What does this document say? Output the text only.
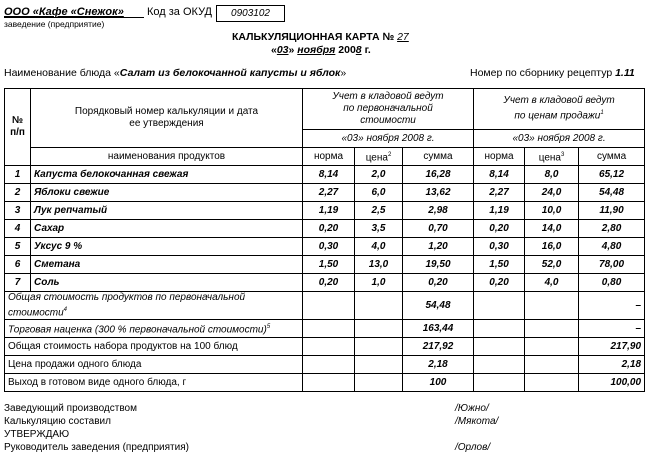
ООО «Кафе «Снежок»
заведение (предприятие)
Код за ОКУД	0903102
КАЛЬКУЛЯЦИОННАЯ КАРТА № 27
«03» ноября 2008 г.
Наименование блюда «Салат из белокочанной капусты и яблок»	Номер по сборнику рецептур 1.11
№
п/п	Порядковый номер калькуляции и дата ее утверждения	Учет в кладовой ведут по первоначальной стоимости			Учет в кладовой ведут по ценам продажи$^1$
		«03» ноября 2008 г.			«03» ноября 2008 г.		
	наименования продуктов	норма	цена$^2$	сумма	норма	цена$^3$	сумма
1	Капуста белокочанная свежая	8,14	2,0	16,28	8,14	8,0	65,12
2	Яблоки свежие	2,27	6,0	13,62	2,27	24,0	54,48
3	Лук репчатый	1,19	2,5	2,98	1,19	10,0	11,90
4	Сахар	0,20	3,5	0,70	0,20	14,0	2,80
5	Уксус 9 %	0,30	4,0	1,20	0,30	16,0	4,80
6	Сметана	1,50	13,0	19,50	1,50	52,0	78,00
7	Соль	0,20	1,0	0,20	0,20	4,0	0,80
Общая стоимость продуктов по первоначальной стоимости$^4$				54,48			–
Торговая наценка (300 % первоначальной стоимости)$^5$				163,44			–
Общая стоимость набора продуктов на 100 блюд				217,92			217,90
Цена продажи одного блюда				2,18			2,18
Выход в готовом виде одного блюда, г				100			100,00
Заведующий производством	/Южно/
Калькуляцию составил	/Мякота/
УТВЕРЖДАЮ
Руководитель заведения (предприятия)	/Орлов/
